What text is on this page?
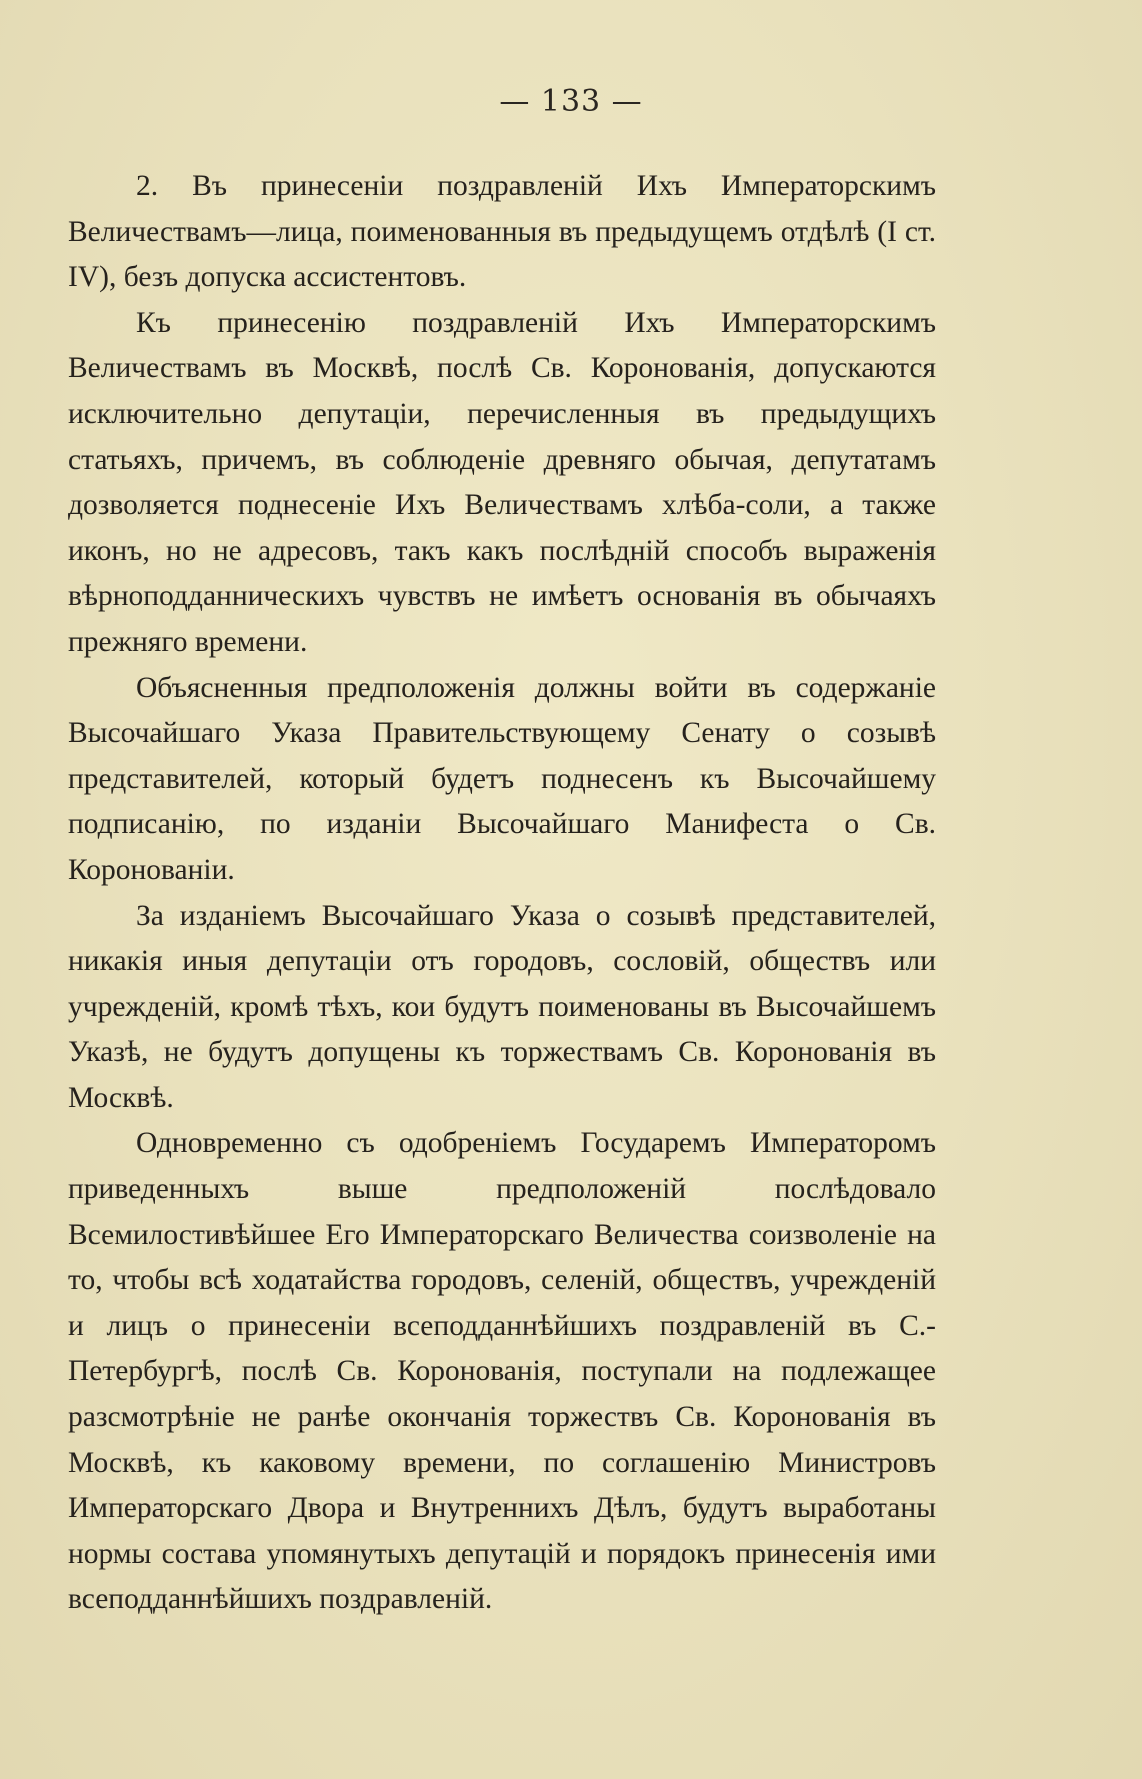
— 133 —

2. Въ принесеніи поздравленій Ихъ Императорскимъ Величествамъ—лица, поименованныя въ предыдущемъ отдѣлѣ (I ст. IV), безъ допуска ассистентовъ.

Къ принесенію поздравленій Ихъ Императорскимъ Величествамъ въ Москвѣ, послѣ Св. Коронованія, допускаются исключительно депутаціи, перечисленныя въ предыдущихъ статьяхъ, причемъ, въ соблюденіе древняго обычая, депутатамъ дозволяется поднесеніе Ихъ Величествамъ хлѣба-соли, а также иконъ, но не адресовъ, такъ какъ послѣдній способъ выраженія вѣрноподданническихъ чувствъ не имѣетъ основанія въ обычаяхъ прежняго времени.

Объясненныя предположенія должны войти въ содержаніе Высочайшаго Указа Правительствующему Сенату о созывѣ представителей, который будетъ поднесенъ къ Высочайшему подписанію, по изданіи Высочайшаго Манифеста о Св. Коронованіи.

За изданіемъ Высочайшаго Указа о созывѣ представителей, никакія иныя депутаціи отъ городовъ, сословій, обществъ или учрежденій, кромѣ тѣхъ, кои будутъ поименованы въ Высочайшемъ Указѣ, не будутъ допущены къ торжествамъ Св. Коронованія въ Москвѣ.

Одновременно съ одобреніемъ Государемъ Императоромъ приведенныхъ выше предположеній послѣдовало Всемилостивѣйшее Его Императорскаго Величества соизволеніе на то, чтобы всѣ ходатайства городовъ, селеній, обществъ, учрежденій и лицъ о принесеніи всеподданнѣйшихъ поздравленій въ С.-Петербургѣ, послѣ Св. Коронованія, поступали на подлежащее разсмотрѣніе не ранѣе окончанія торжествъ Св. Коронованія въ Москвѣ, къ каковому времени, по соглашенію Министровъ Императорскаго Двора и Внутреннихъ Дѣлъ, будутъ выработаны нормы состава упомянутыхъ депутацій и порядокъ принесенія ими всеподданнѣйшихъ поздравленій.
